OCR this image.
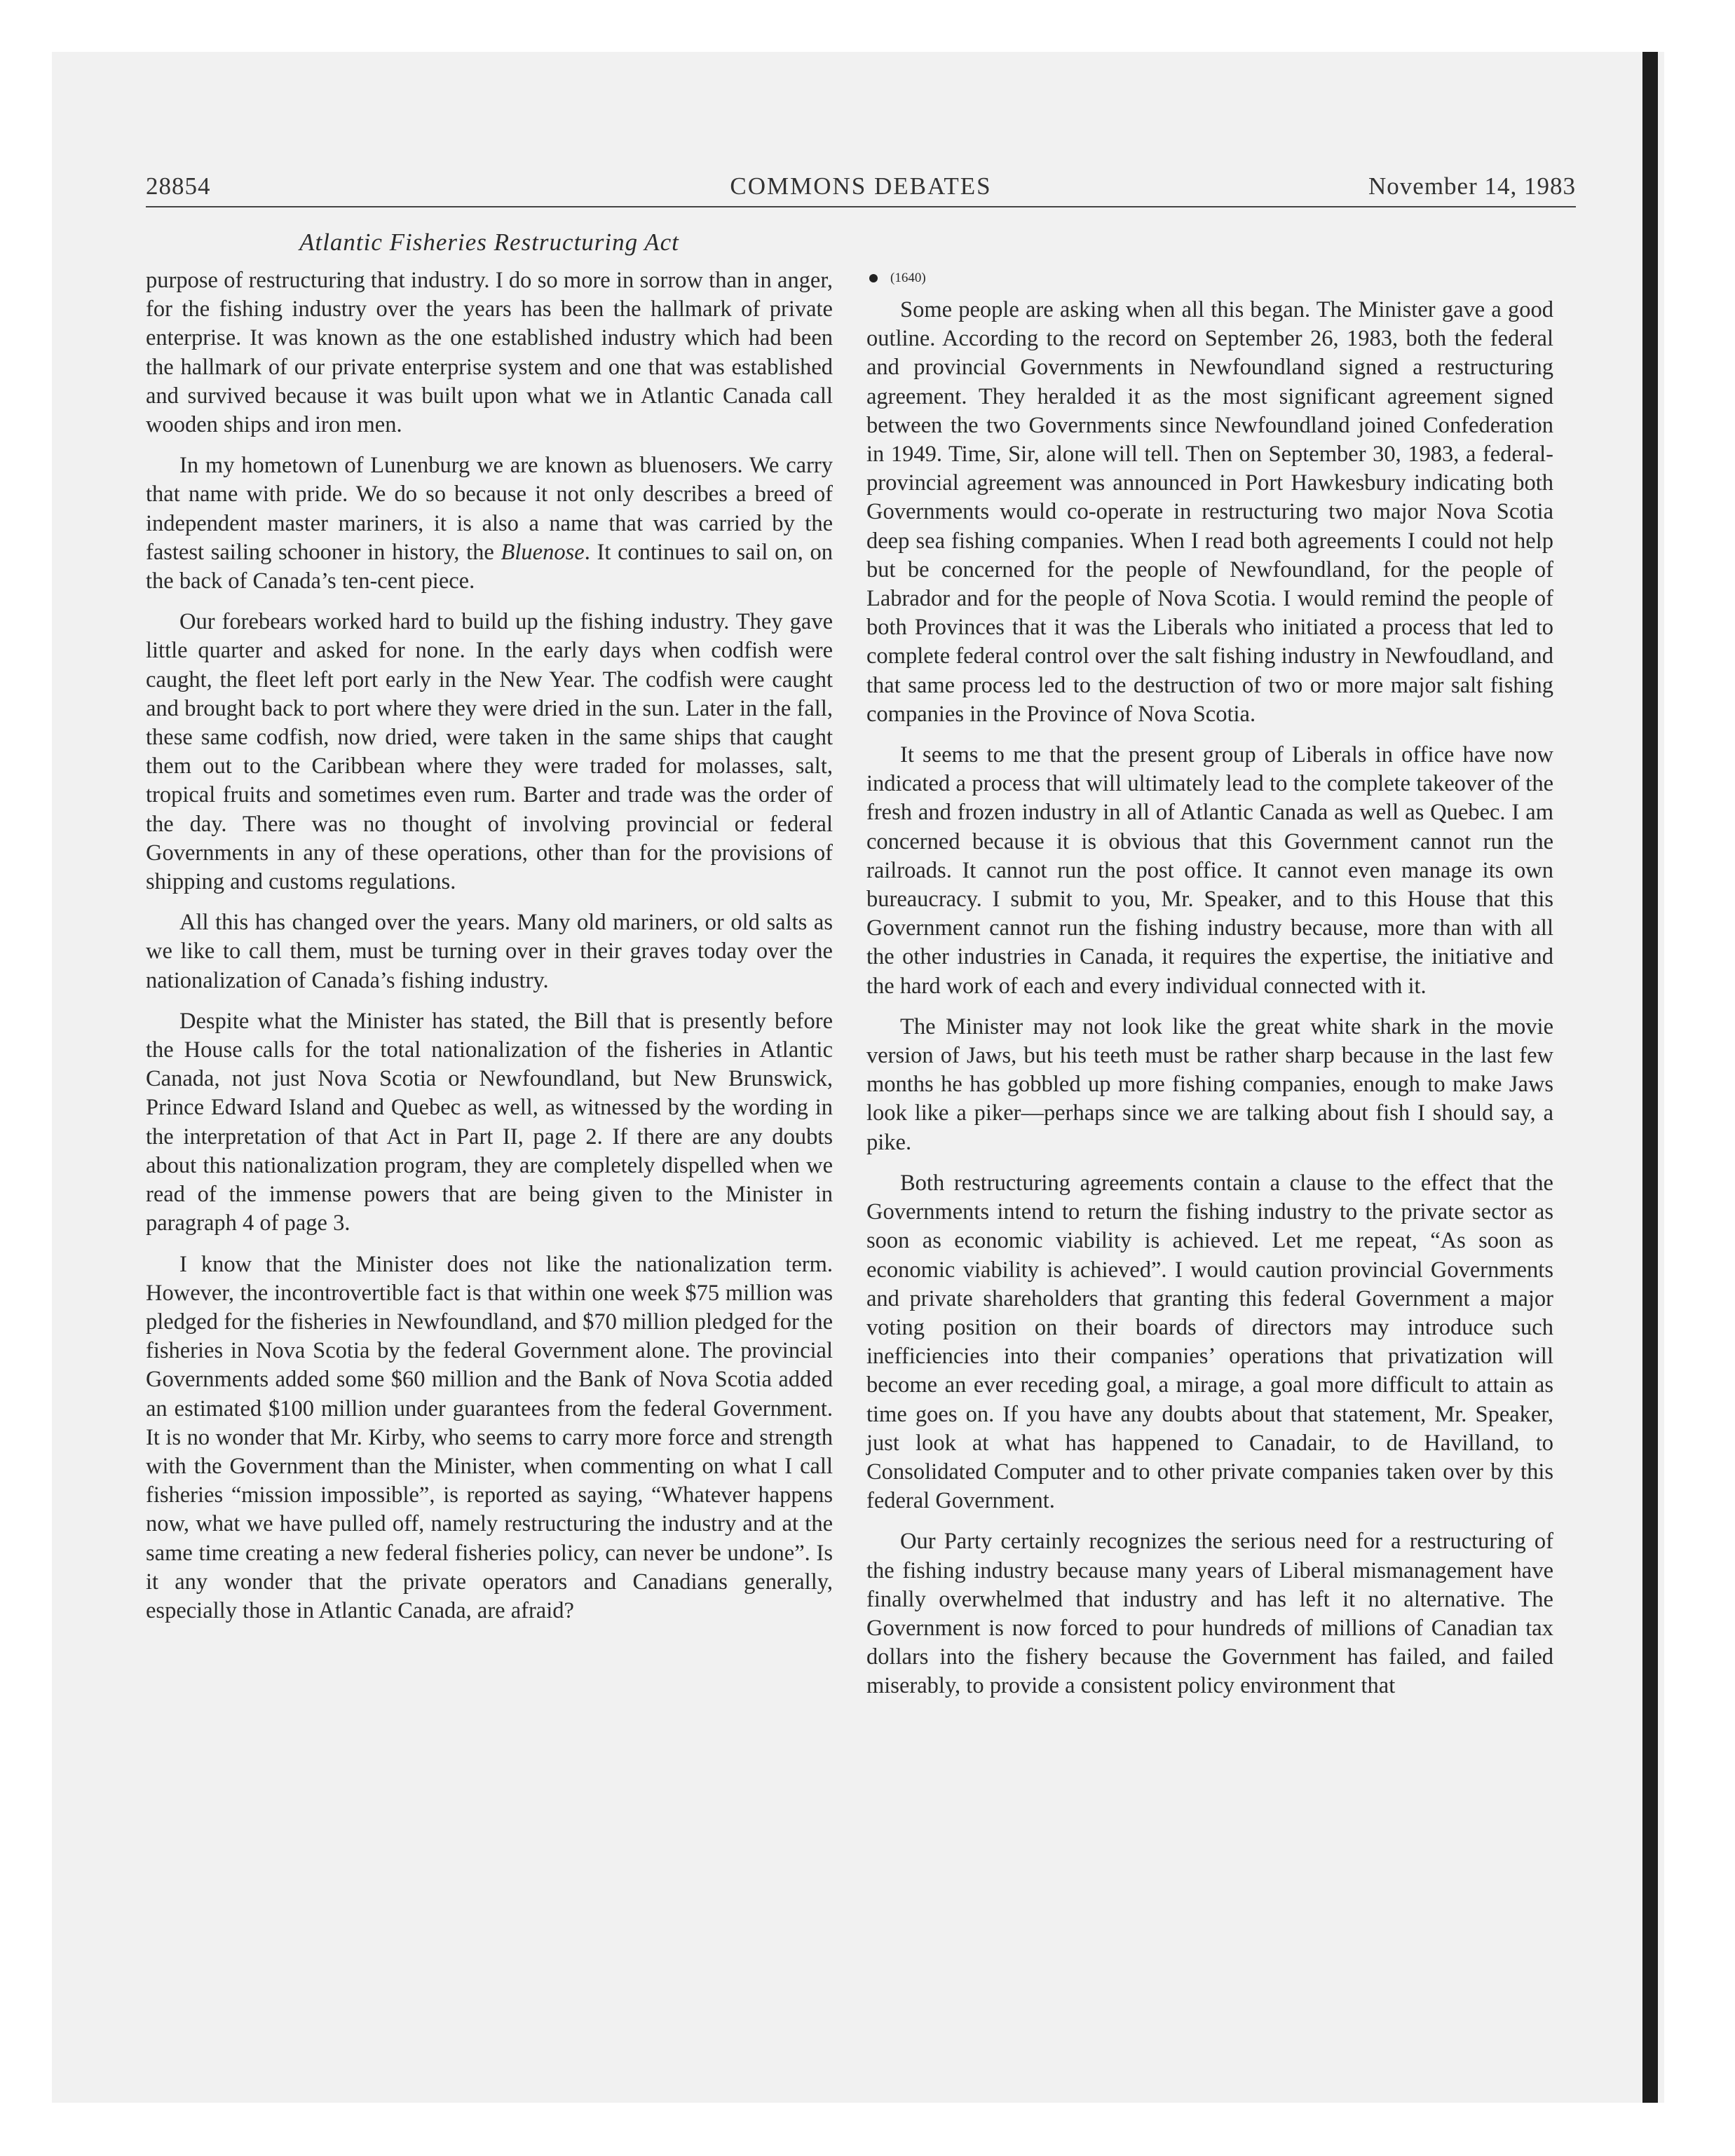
28854	COMMONS DEBATES	November 14, 1983
Atlantic Fisheries Restructuring Act

purpose of restructuring that industry. I do so more in sorrow than in anger, for the fishing industry over the years has been the hallmark of private enterprise. It was known as the one established industry which had been the hallmark of our private enterprise system and one that was established and survived because it was built upon what we in Atlantic Canada call wooden ships and iron men.

In my hometown of Lunenburg we are known as bluenosers. We carry that name with pride. We do so because it not only describes a breed of independent master mariners, it is also a name that was carried by the fastest sailing schooner in history, the Bluenose. It continues to sail on, on the back of Canada’s ten-cent piece.

Our forebears worked hard to build up the fishing industry. They gave little quarter and asked for none. In the early days when codfish were caught, the fleet left port early in the New Year. The codfish were caught and brought back to port where they were dried in the sun. Later in the fall, these same codfish, now dried, were taken in the same ships that caught them out to the Caribbean where they were traded for molasses, salt, tropical fruits and sometimes even rum. Barter and trade was the order of the day. There was no thought of involving provincial or federal Governments in any of these operations, other than for the provisions of shipping and customs regulations.

All this has changed over the years. Many old mariners, or old salts as we like to call them, must be turning over in their graves today over the nationalization of Canada’s fishing industry.

Despite what the Minister has stated, the Bill that is presently before the House calls for the total nationalization of the fisheries in Atlantic Canada, not just Nova Scotia or Newfoundland, but New Brunswick, Prince Edward Island and Quebec as well, as witnessed by the wording in the interpretation of that Act in Part II, page 2. If there are any doubts about this nationalization program, they are completely dispelled when we read of the immense powers that are being given to the Minister in paragraph 4 of page 3.

I know that the Minister does not like the nationalization term. However, the incontrovertible fact is that within one week $75 million was pledged for the fisheries in Newfoundland, and $70 million pledged for the fisheries in Nova Scotia by the federal Government alone. The provincial Governments added some $60 million and the Bank of Nova Scotia added an estimated $100 million under guarantees from the federal Government. It is no wonder that Mr. Kirby, who seems to carry more force and strength with the Government than the Minister, when commenting on what I call fisheries “mission impossible”, is reported as saying, “Whatever happens now, what we have pulled off, namely restructuring the industry and at the same time creating a new federal fisheries policy, can never be undone”. Is it any wonder that the private operators and Canadians generally, especially those in Atlantic Canada, are afraid?

(1640)

Some people are asking when all this began. The Minister gave a good outline. According to the record on September 26, 1983, both the federal and provincial Governments in Newfoundland signed a restructuring agreement. They heralded it as the most significant agreement signed between the two Governments since Newfoundland joined Confederation in 1949. Time, Sir, alone will tell. Then on September 30, 1983, a federal-provincial agreement was announced in Port Hawkesbury indicating both Governments would co-operate in restructuring two major Nova Scotia deep sea fishing companies. When I read both agreements I could not help but be concerned for the people of Newfoundland, for the people of Labrador and for the people of Nova Scotia. I would remind the people of both Provinces that it was the Liberals who initiated a process that led to complete federal control over the salt fishing industry in Newfoudland, and that same process led to the destruction of two or more major salt fishing companies in the Province of Nova Scotia.

It seems to me that the present group of Liberals in office have now indicated a process that will ultimately lead to the complete takeover of the fresh and frozen industry in all of Atlantic Canada as well as Quebec. I am concerned because it is obvious that this Government cannot run the railroads. It cannot run the post office. It cannot even manage its own bureaucracy. I submit to you, Mr. Speaker, and to this House that this Government cannot run the fishing industry because, more than with all the other industries in Canada, it requires the expertise, the initiative and the hard work of each and every individual connected with it.

The Minister may not look like the great white shark in the movie version of Jaws, but his teeth must be rather sharp because in the last few months he has gobbled up more fishing companies, enough to make Jaws look like a piker—perhaps since we are talking about fish I should say, a pike.

Both restructuring agreements contain a clause to the effect that the Governments intend to return the fishing industry to the private sector as soon as economic viability is achieved. Let me repeat, “As soon as economic viability is achieved”. I would caution provincial Governments and private shareholders that granting this federal Government a major voting position on their boards of directors may introduce such inefficiencies into their companies’ operations that privatization will become an ever receding goal, a mirage, a goal more difficult to attain as time goes on. If you have any doubts about that statement, Mr. Speaker, just look at what has happened to Canadair, to de Havilland, to Consolidated Computer and to other private companies taken over by this federal Government.

Our Party certainly recognizes the serious need for a restructuring of the fishing industry because many years of Liberal mismanagement have finally overwhelmed that industry and has left it no alternative. The Government is now forced to pour hundreds of millions of Canadian tax dollars into the fishery because the Government has failed, and failed miserably, to provide a consistent policy environment that
